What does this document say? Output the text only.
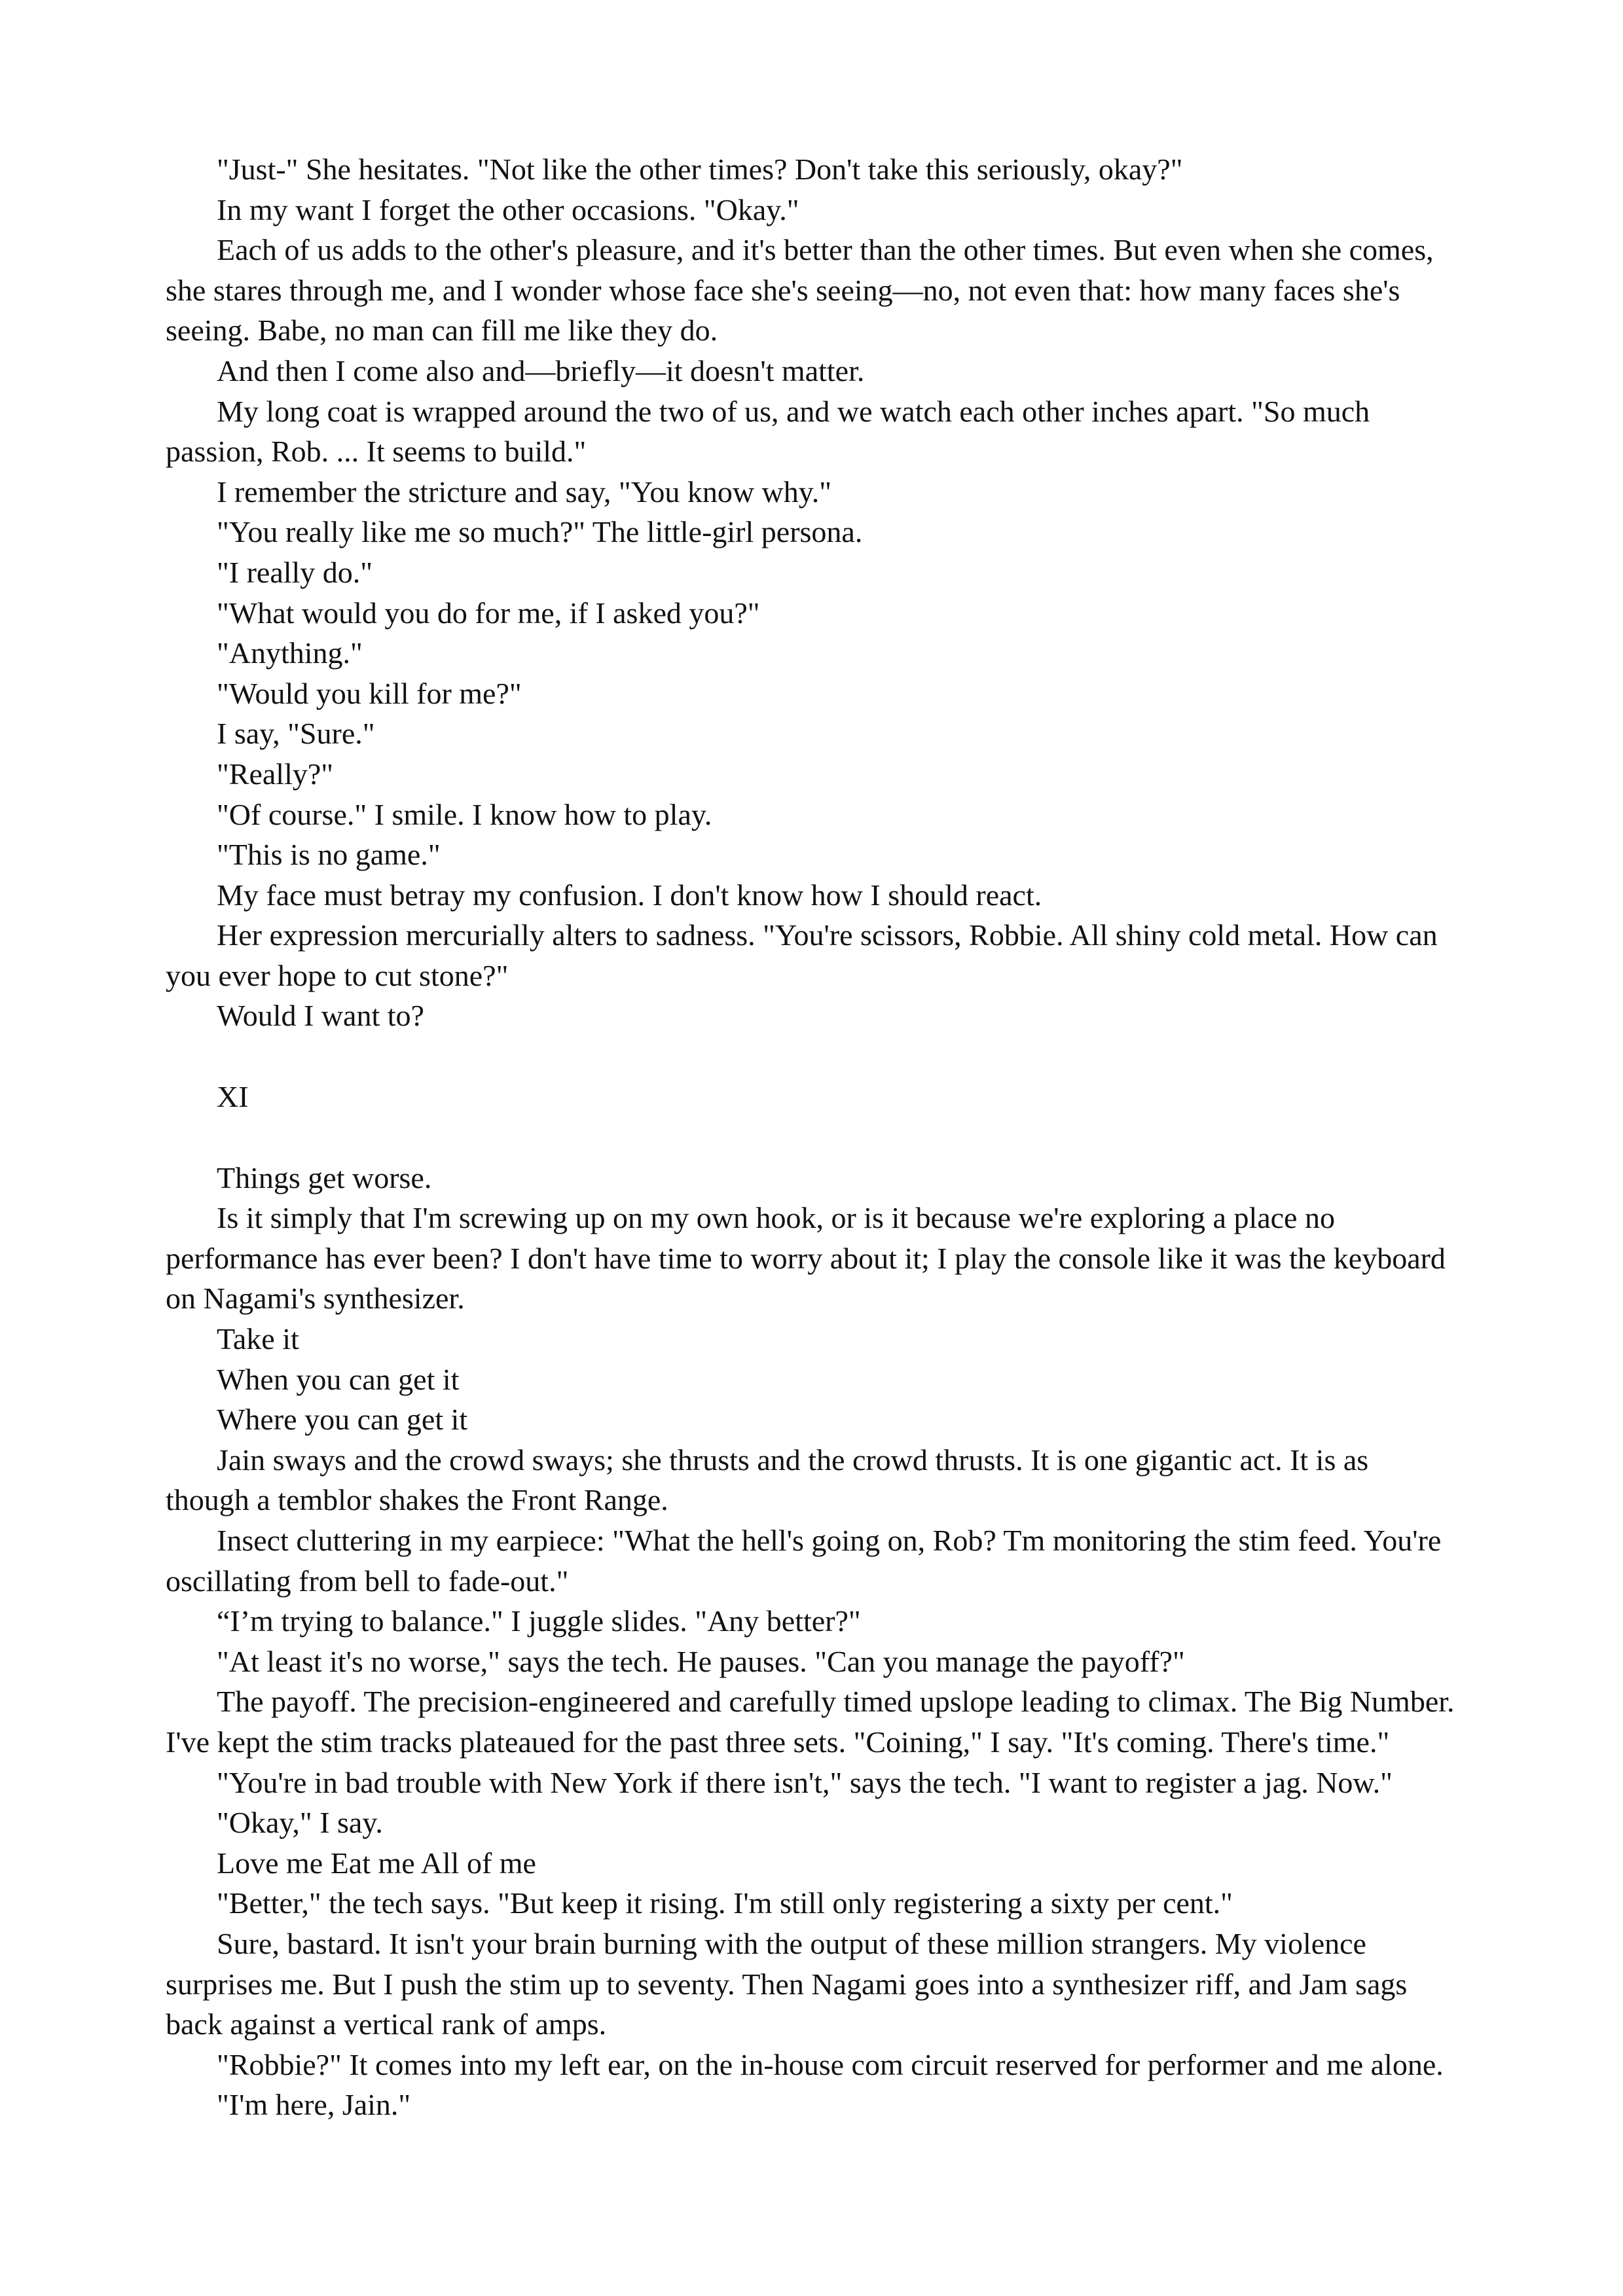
"Just-" She hesitates. "Not like the other times? Don't take this seriously, okay?"

In my want I forget the other occasions. "Okay."

Each of us adds to the other's pleasure, and it's better than the other times. But even when she comes, she stares through me, and I wonder whose face she's seeing—no, not even that: how many faces she's seeing. Babe, no man can fill me like they do.

And then I come also and—briefly—it doesn't matter.

My long coat is wrapped around the two of us, and we watch each other inches apart. "So much passion, Rob. ... It seems to build."

I remember the stricture and say, "You know why."

"You really like me so much?" The little-girl persona.

"I really do."

"What would you do for me, if I asked you?"

"Anything."

"Would you kill for me?"

I say, "Sure."

"Really?"

"Of course." I smile. I know how to play.

"This is no game."

My face must betray my confusion. I don't know how I should react.

Her expression mercurially alters to sadness. "You're scissors, Robbie. All shiny cold metal. How can you ever hope to cut stone?"

Would I want to?

XI

Things get worse.

Is it simply that I'm screwing up on my own hook, or is it because we're exploring a place no performance has ever been? I don't have time to worry about it; I play the console like it was the keyboard on Nagami's synthesizer.

Take it

When you can get it

Where you can get it

Jain sways and the crowd sways; she thrusts and the crowd thrusts. It is one gigantic act. It is as though a temblor shakes the Front Range.

Insect cluttering in my earpiece: "What the hell's going on, Rob? Tm monitoring the stim feed. You're oscillating from bell to fade-out."

“I’m trying to balance." I juggle slides. "Any better?"

"At least it's no worse," says the tech. He pauses. "Can you manage the payoff?"

The payoff. The precision-engineered and carefully timed upslope leading to climax. The Big Number. I've kept the stim tracks plateaued for the past three sets. "Coining," I say. "It's coming. There's time."

"You're in bad trouble with New York if there isn't," says the tech. "I want to register a jag. Now."

"Okay," I say.

Love me Eat me All of me

"Better," the tech says. "But keep it rising. I'm still only registering a sixty per cent."

Sure, bastard. It isn't your brain burning with the output of these million strangers. My violence surprises me. But I push the stim up to seventy. Then Nagami goes into a synthesizer riff, and Jam sags back against a vertical rank of amps.

"Robbie?" It comes into my left ear, on the in-house com circuit reserved for performer and me alone.

"I'm here, Jain."
